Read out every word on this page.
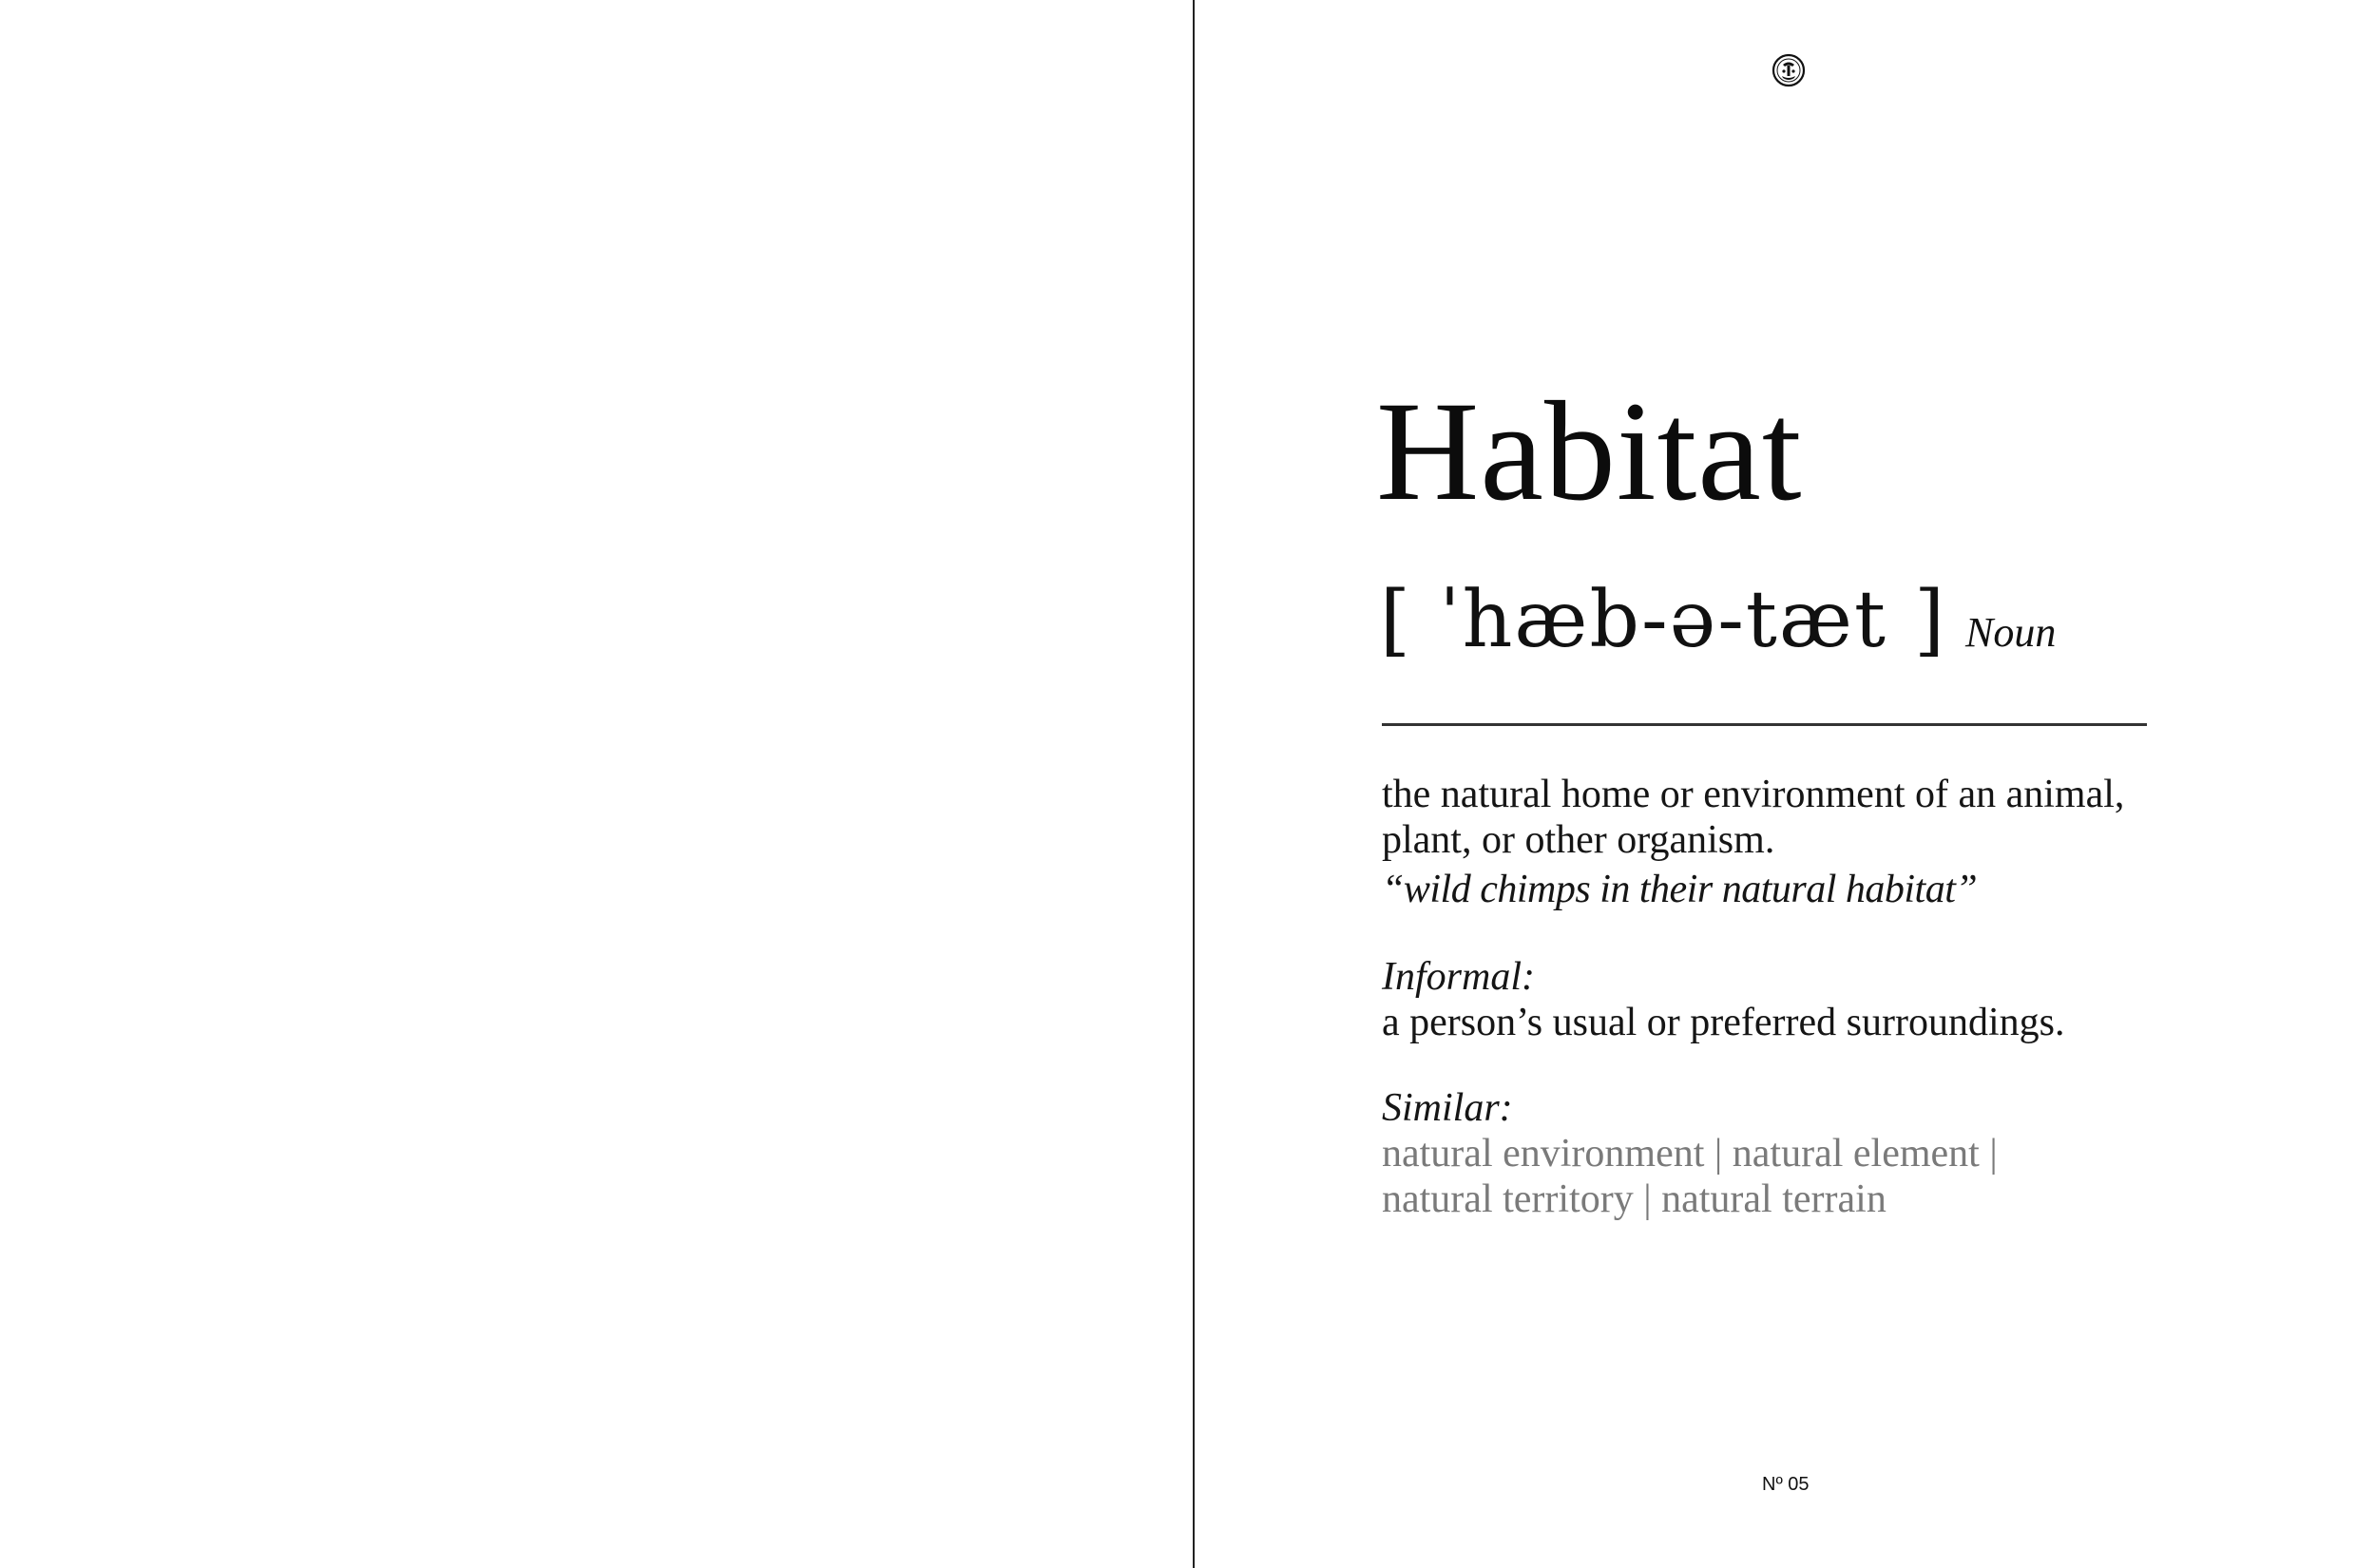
Habitat
[ ˈhæb-ə-tæt ] Noun
the natural home or environment of an animal,
plant, or other organism.
“wild chimps in their natural habitat”
Informal:
a person’s usual or preferred surroundings.
Similar:
natural environment | natural element |
natural territory | natural terrain
Nº 05
